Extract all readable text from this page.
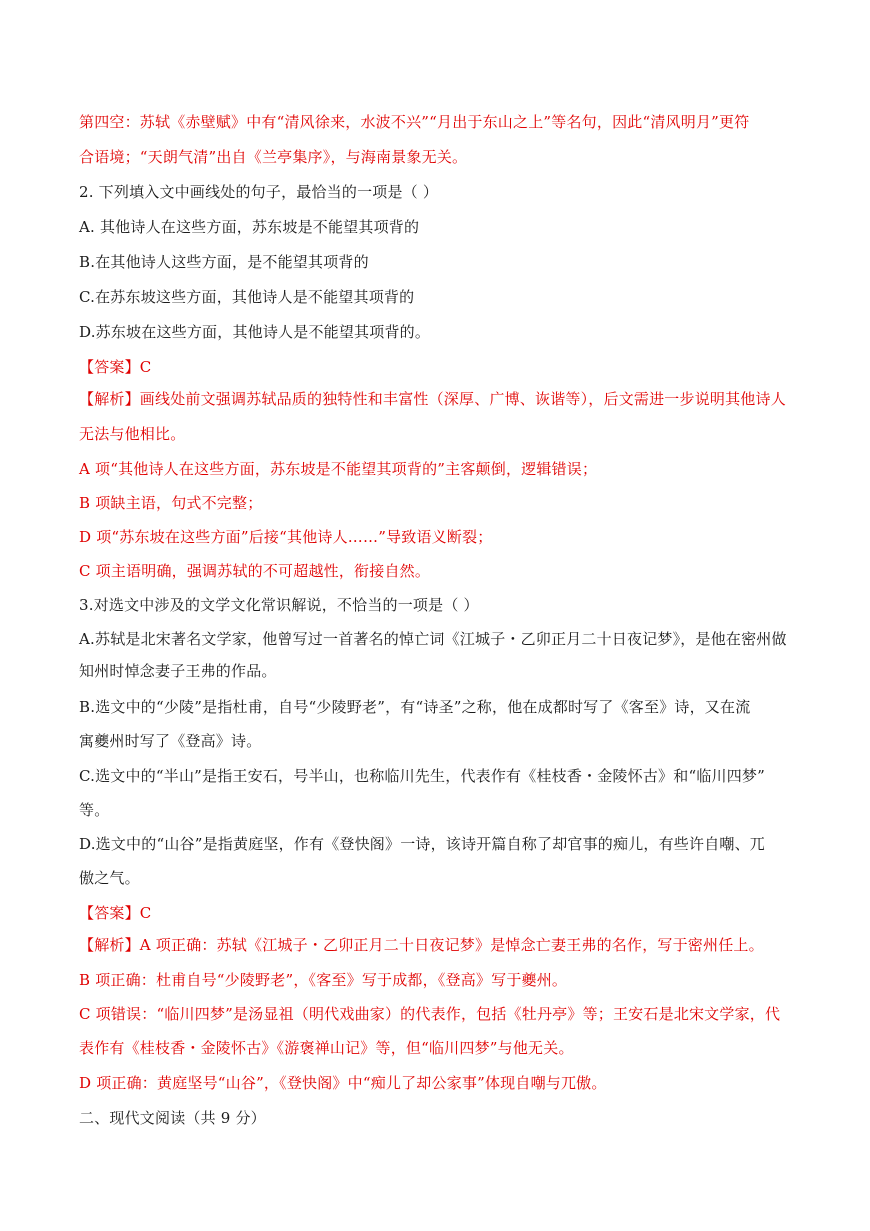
第四空：苏轼《赤壁赋》中有“清风徐来，水波不兴”“月出于东山之上”等名句，因此“清风明月”更符
合语境；“天朗气清”出自《兰亭集序》，与海南景象无关。
2. 下列填入文中画线处的句子，最恰当的一项是（ ）
A. 其他诗人在这些方面，苏东坡是不能望其项背的
B.在其他诗人这些方面，是不能望其项背的
C.在苏东坡这些方面，其他诗人是不能望其项背的
D.苏东坡在这些方面，其他诗人是不能望其项背的。
【答案】C
【解析】画线处前文强调苏轼品质的独特性和丰富性（深厚、广博、诙谐等），后文需进一步说明其他诗人
无法与他相比。
A 项“其他诗人在这些方面，苏东坡是不能望其项背的”主客颠倒，逻辑错误；
B 项缺主语，句式不完整；
D 项“苏东坡在这些方面”后接“其他诗人……”导致语义断裂；
C 项主语明确，强调苏轼的不可超越性，衔接自然。
3.对选文中涉及的文学文化常识解说，不恰当的一项是（ ）
A.苏轼是北宋著名文学家，他曾写过一首著名的悼亡词《江城子・乙卯正月二十日夜记梦》，是他在密州做
知州时悼念妻子王弗的作品。
B.选文中的“少陵”是指杜甫，自号“少陵野老”，有“诗圣”之称，他在成都时写了《客至》诗，又在流
寓夔州时写了《登高》诗。
C.选文中的“半山”是指王安石，号半山，也称临川先生，代表作有《桂枝香・金陵怀古》和“临川四梦”
等。
D.选文中的“山谷”是指黄庭坚，作有《登快阁》一诗，该诗开篇自称了却官事的痴儿，有些许自嘲、兀
傲之气。
【答案】C
【解析】A 项正确：苏轼《江城子・乙卯正月二十日夜记梦》是悼念亡妻王弗的名作，写于密州任上。
B 项正确：杜甫自号“少陵野老”，《客至》写于成都，《登高》写于夔州。
C 项错误：“临川四梦”是汤显祖（明代戏曲家）的代表作，包括《牡丹亭》等；王安石是北宋文学家，代
表作有《桂枝香・金陵怀古》《游褒禅山记》等，但“临川四梦”与他无关。
D 项正确：黄庭坚号“山谷”，《登快阁》中“痴儿了却公家事”体现自嘲与兀傲。
二、现代文阅读（共 9 分）
